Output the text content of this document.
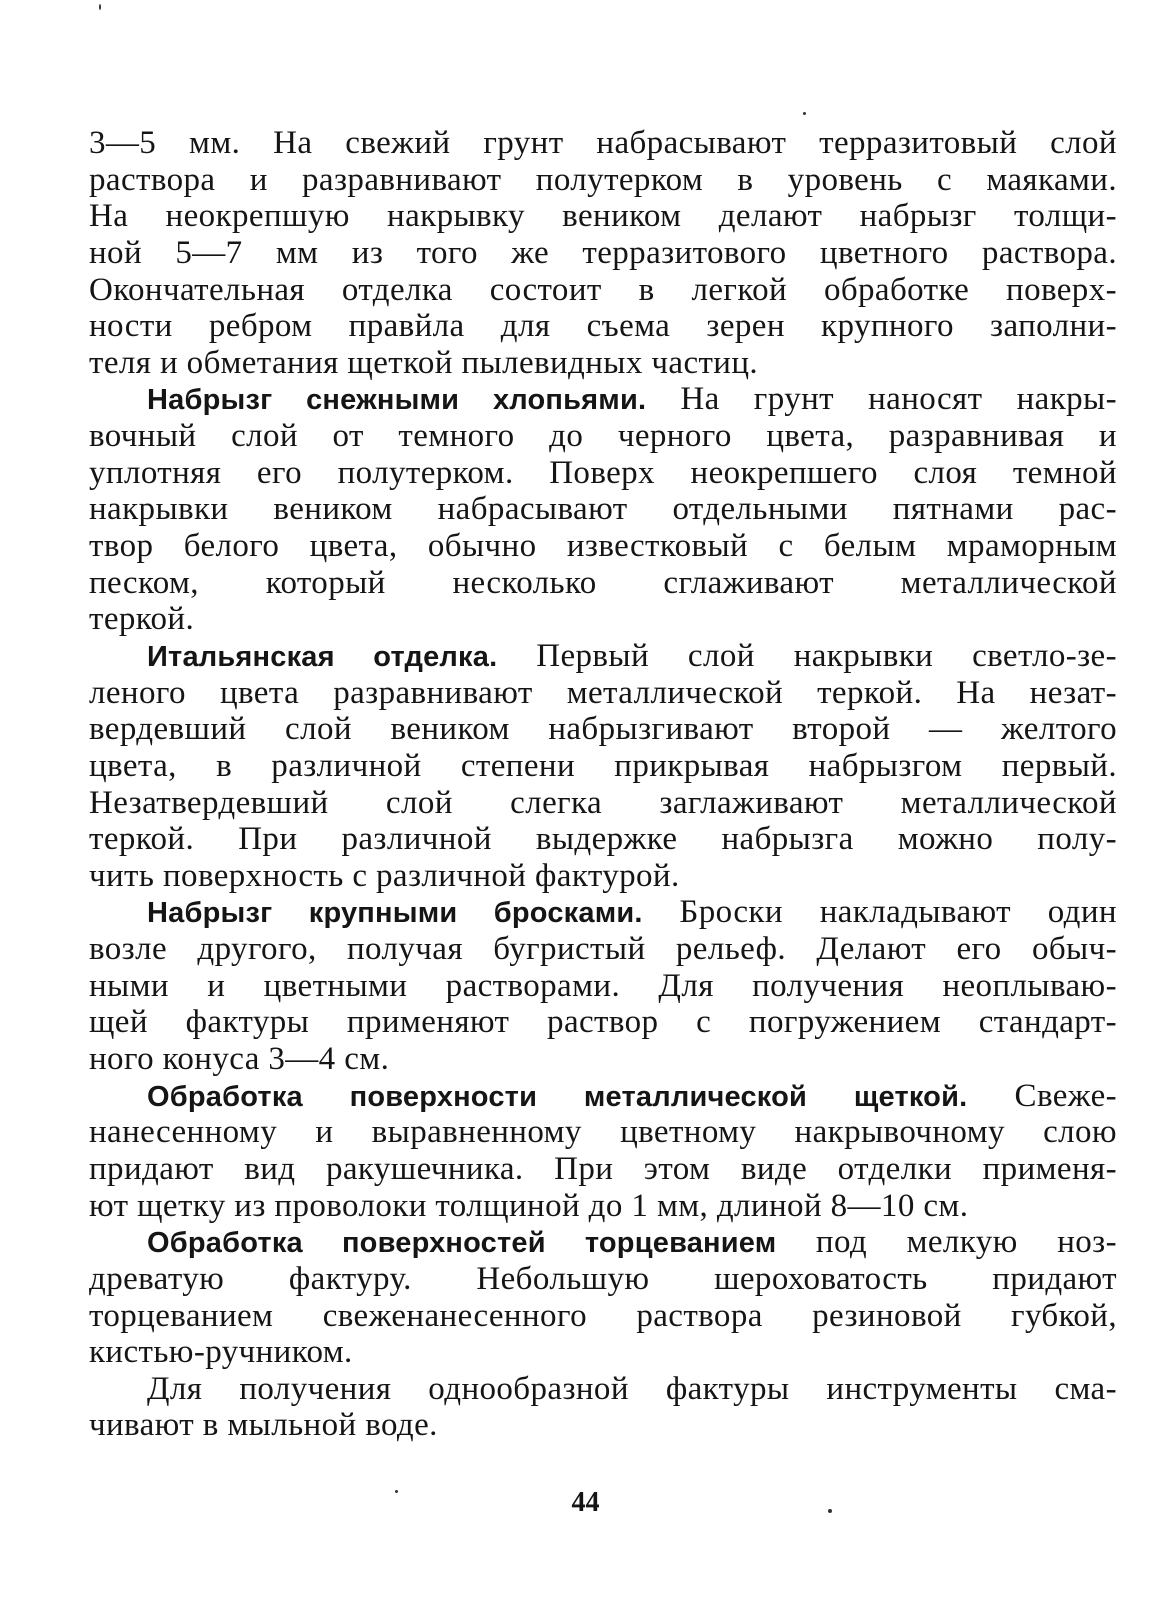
3—5 мм. На свежий грунт набрасывают терразитовый слой
раствора и разравнивают полутерком в уровень с маяками.
На неокрепшую накрывку веником делают набрызг толщи-
ной 5—7 мм из того же терразитового цветного раствора.
Окончательная отделка состоит в легкой обработке поверх-
ности ребром правйла для съема зерен крупного заполни-
теля и обметания щеткой пылевидных частиц.
Набрызг снежными хлопьями. На грунт наносят накры-
вочный слой от темного до черного цвета, разравнивая и
уплотняя его полутерком. Поверх неокрепшего слоя темной
накрывки веником набрасывают отдельными пятнами рас-
твор белого цвета, обычно известковый с белым мраморным
песком, который несколько сглаживают металлической
теркой.
Итальянская отделка. Первый слой накрывки светло-зе-
леного цвета разравнивают металлической теркой. На незат-
вердевший слой веником набрызгивают второй — желтого
цвета, в различной степени прикрывая набрызгом первый.
Незатвердевший слой слегка заглаживают металлической
теркой. При различной выдержке набрызга можно полу-
чить поверхность с различной фактурой.
Набрызг крупными бросками. Броски накладывают один
возле другого, получая бугристый рельеф. Делают его обыч-
ными и цветными растворами. Для получения неоплываю-
щей фактуры применяют раствор с погружением стандарт-
ного конуса 3—4 см.
Обработка поверхности металлической щеткой. Свеже-
нанесенному и выравненному цветному накрывочному слою
придают вид ракушечника. При этом виде отделки применя-
ют щетку из проволоки толщиной до 1 мм, длиной 8—10 см.
Обработка поверхностей торцеванием под мелкую ноз-
древатую фактуру. Небольшую шероховатость придают
торцеванием свеженанесенного раствора резиновой губкой,
кистью-ручником.
Для получения однообразной фактуры инструменты сма-
чивают в мыльной воде.
44
